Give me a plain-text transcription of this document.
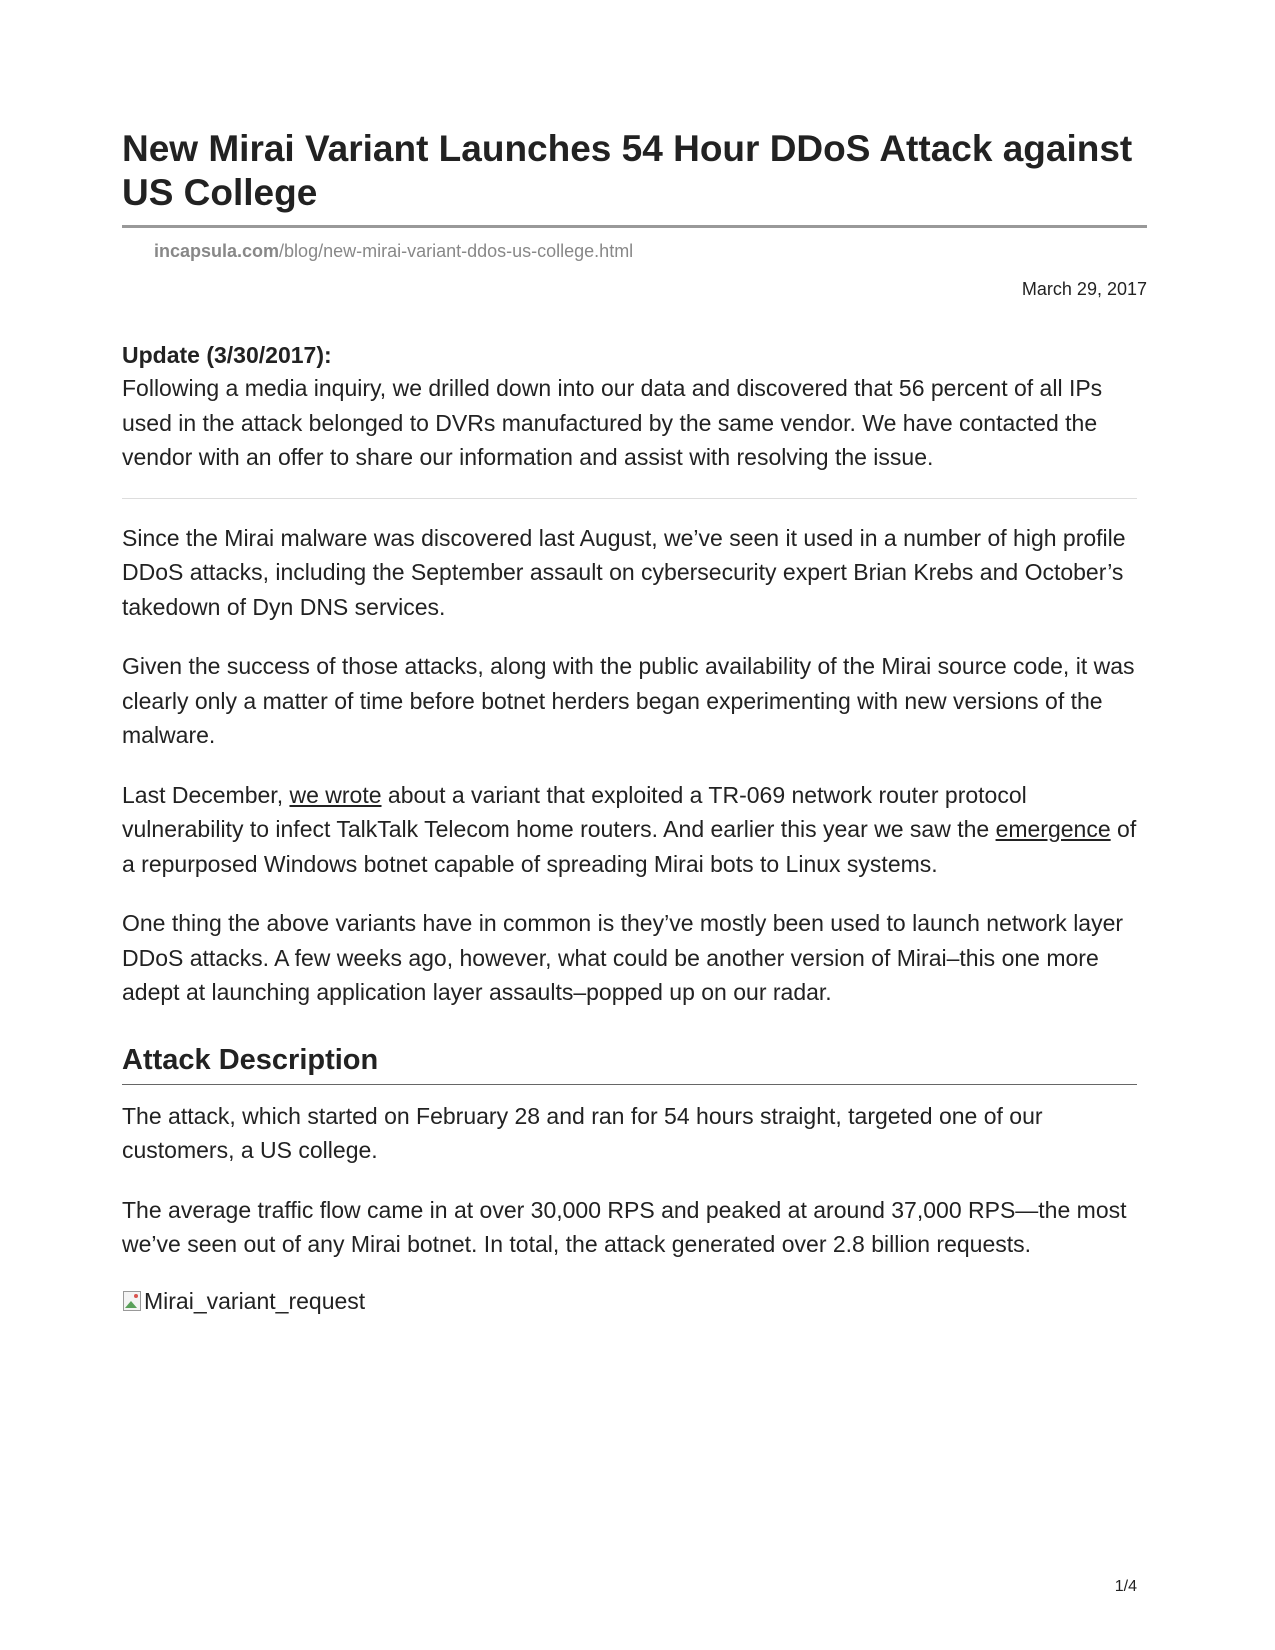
New Mirai Variant Launches 54 Hour DDoS Attack against US College
incapsula.com/blog/new-mirai-variant-ddos-us-college.html
March 29, 2017
Update (3/30/2017):

Following a media inquiry, we drilled down into our data and discovered that 56 percent of all IPs used in the attack belonged to DVRs manufactured by the same vendor. We have contacted the vendor with an offer to share our information and assist with resolving the issue.

Since the Mirai malware was discovered last August, we’ve seen it used in a number of high profile DDoS attacks, including the September assault on cybersecurity expert Brian Krebs and October’s takedown of Dyn DNS services.

Given the success of those attacks, along with the public availability of the Mirai source code, it was clearly only a matter of time before botnet herders began experimenting with new versions of the malware.

Last December, we wrote about a variant that exploited a TR-069 network router protocol vulnerability to infect TalkTalk Telecom home routers. And earlier this year we saw the emergence of a repurposed Windows botnet capable of spreading Mirai bots to Linux systems.

One thing the above variants have in common is they’ve mostly been used to launch network layer DDoS attacks. A few weeks ago, however, what could be another version of Mirai–this one more adept at launching application layer assaults–popped up on our radar.

Attack Description

The attack, which started on February 28 and ran for 54 hours straight, targeted one of our customers, a US college.

The average traffic flow came in at over 30,000 RPS and peaked at around 37,000 RPS—the most we’ve seen out of any Mirai botnet. In total, the attack generated over 2.8 billion requests.

Mirai_variant_request
1/4
